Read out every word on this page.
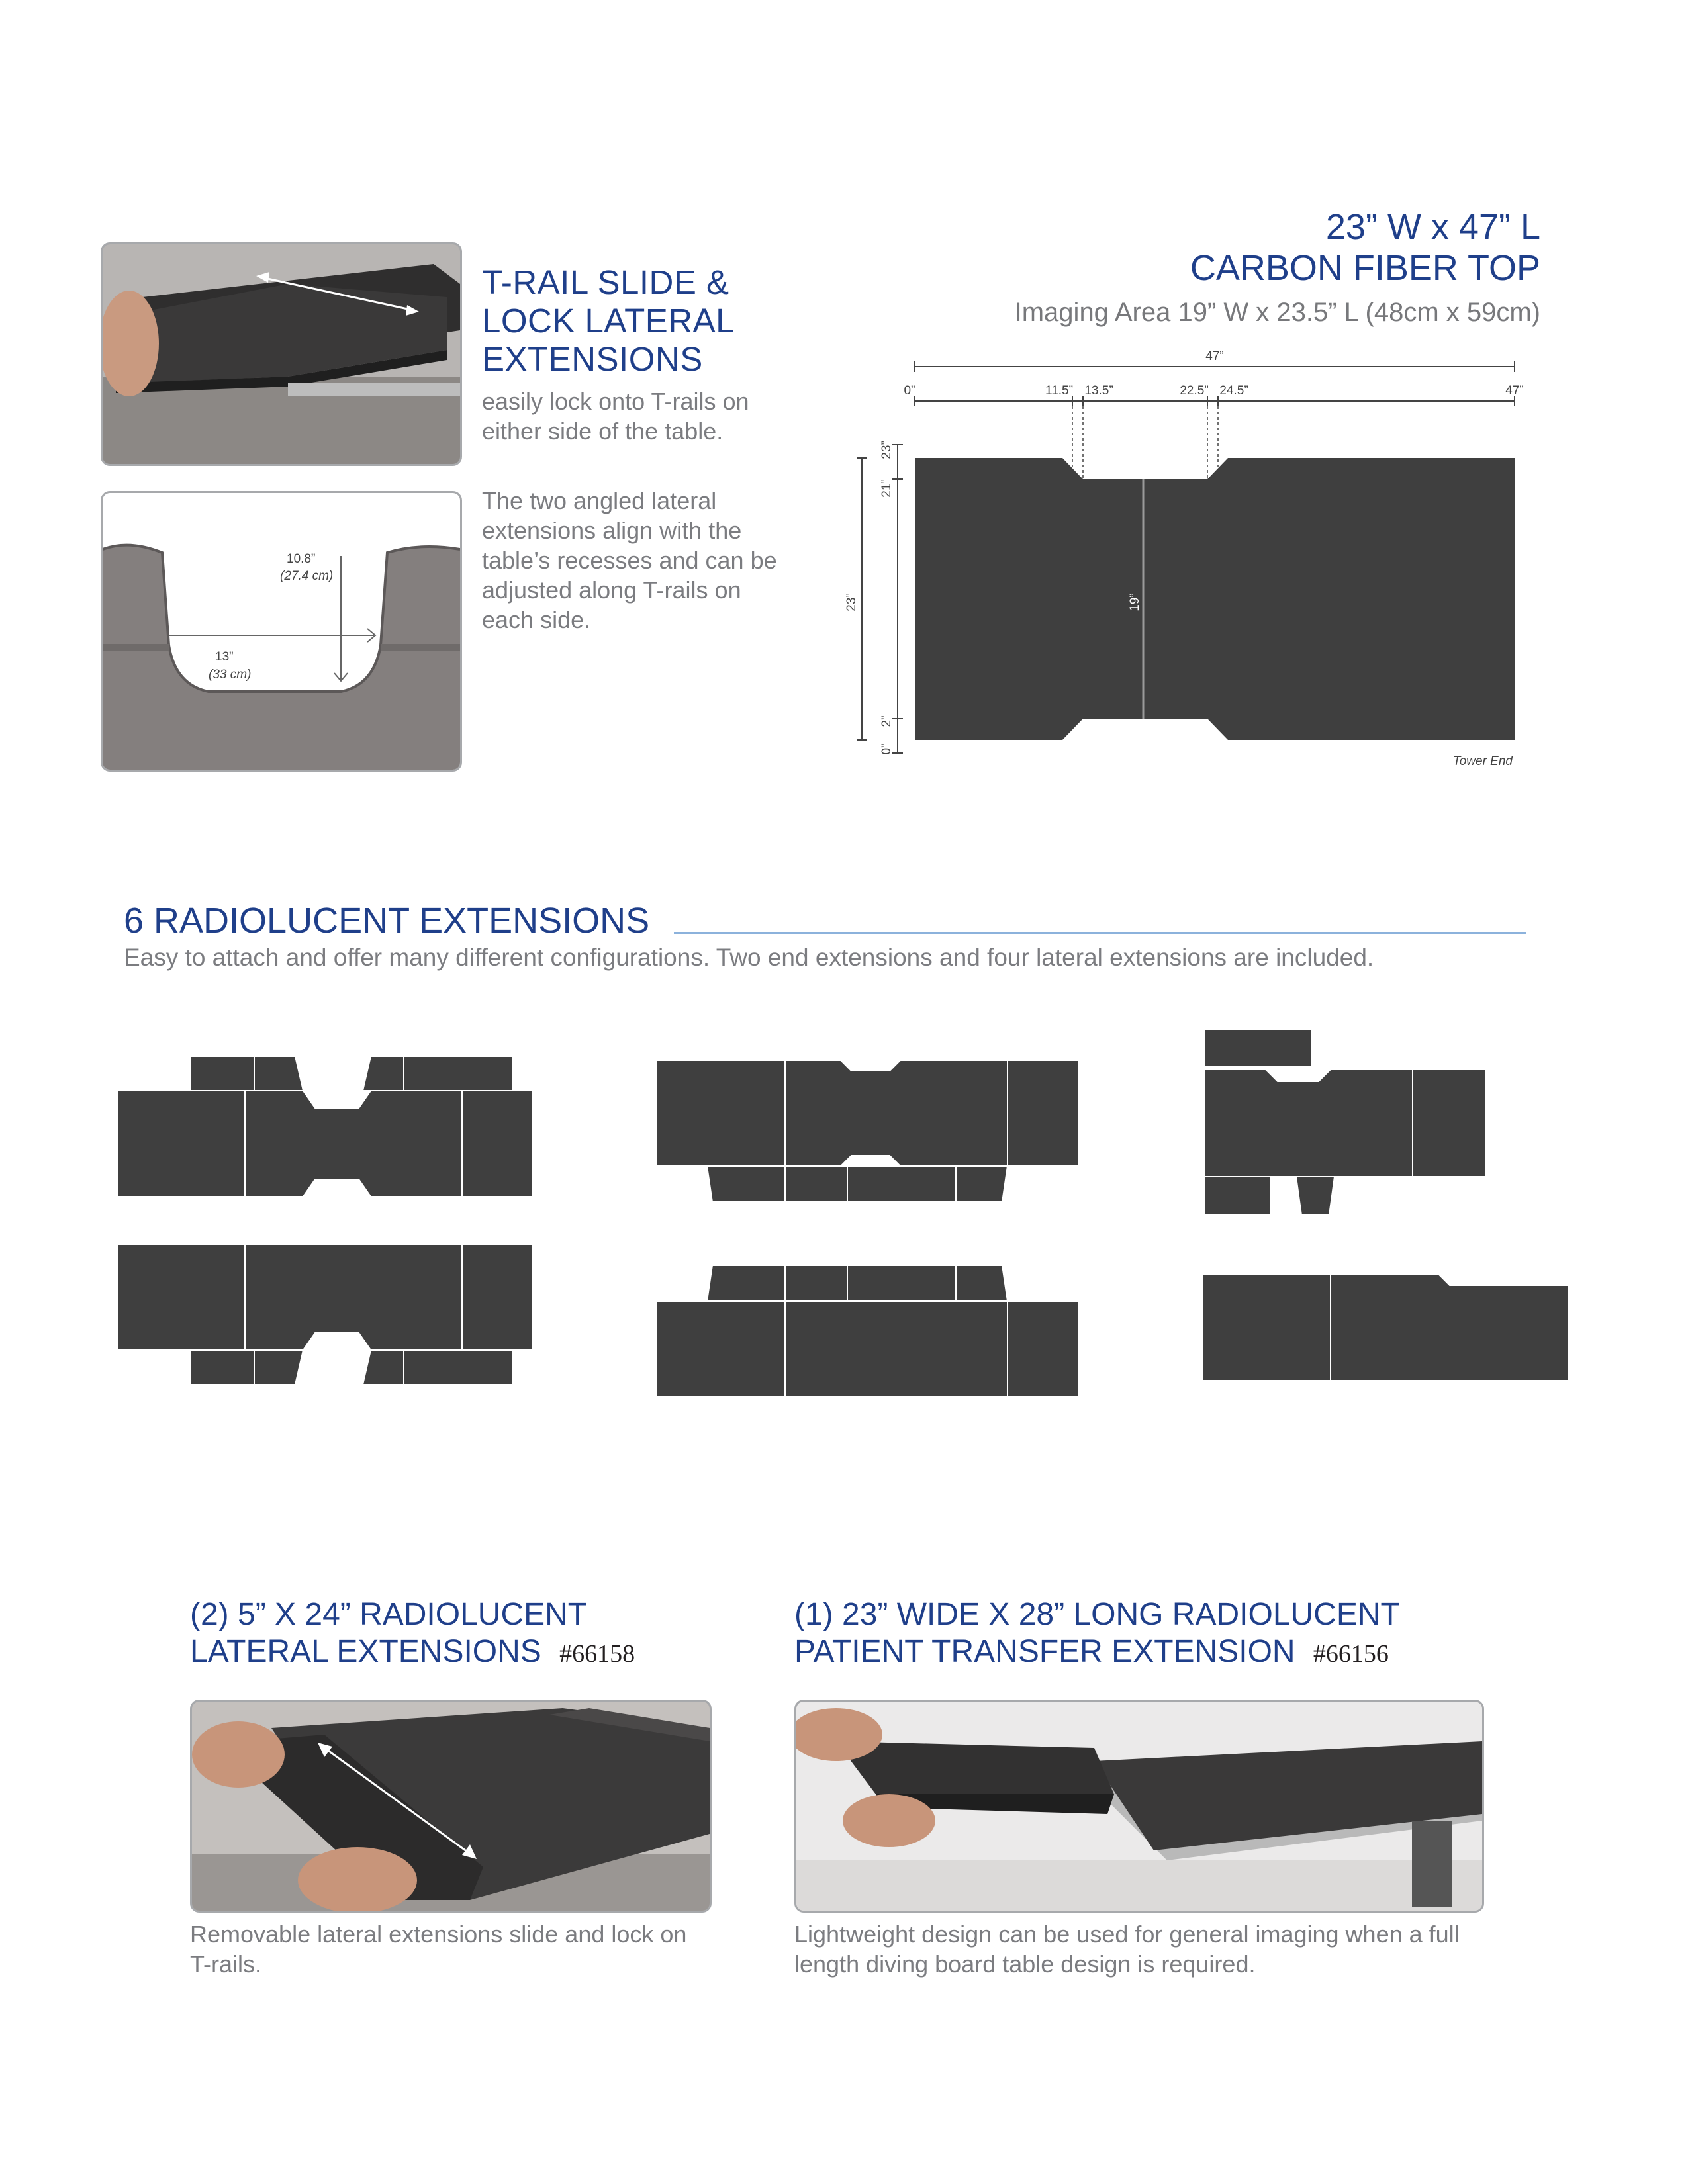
10.8”
(27.4 cm)
13”
(33 cm)
T-RAIL SLIDE &
LOCK LATERAL
EXTENSIONS
easily lock onto T-rails on
either side of the table.
The two angled lateral
extensions align with the
table’s recesses and can be
adjusted along T-rails on
each side.
23” W x 47” L
CARBON FIBER TOP
Imaging Area 19” W x 23.5” L (48cm x 59cm)
47”
0”	11.5” 13.5”	22.5” 24.5”	47”
19”
23”
23”
21”
2”
0”
Tower End
6 RADIOLUCENT EXTENSIONS
Easy to attach and offer many different configurations. Two end extensions and four lateral extensions are included.
(2) 5” X 24” RADIOLUCENT
LATERAL EXTENSIONS #66158
Removable lateral extensions slide and lock on
T-rails.
(1) 23” WIDE X 28” LONG RADIOLUCENT
PATIENT TRANSFER EXTENSION #66156
Lightweight design can be used for general imaging when a full
length diving board table design is required.
